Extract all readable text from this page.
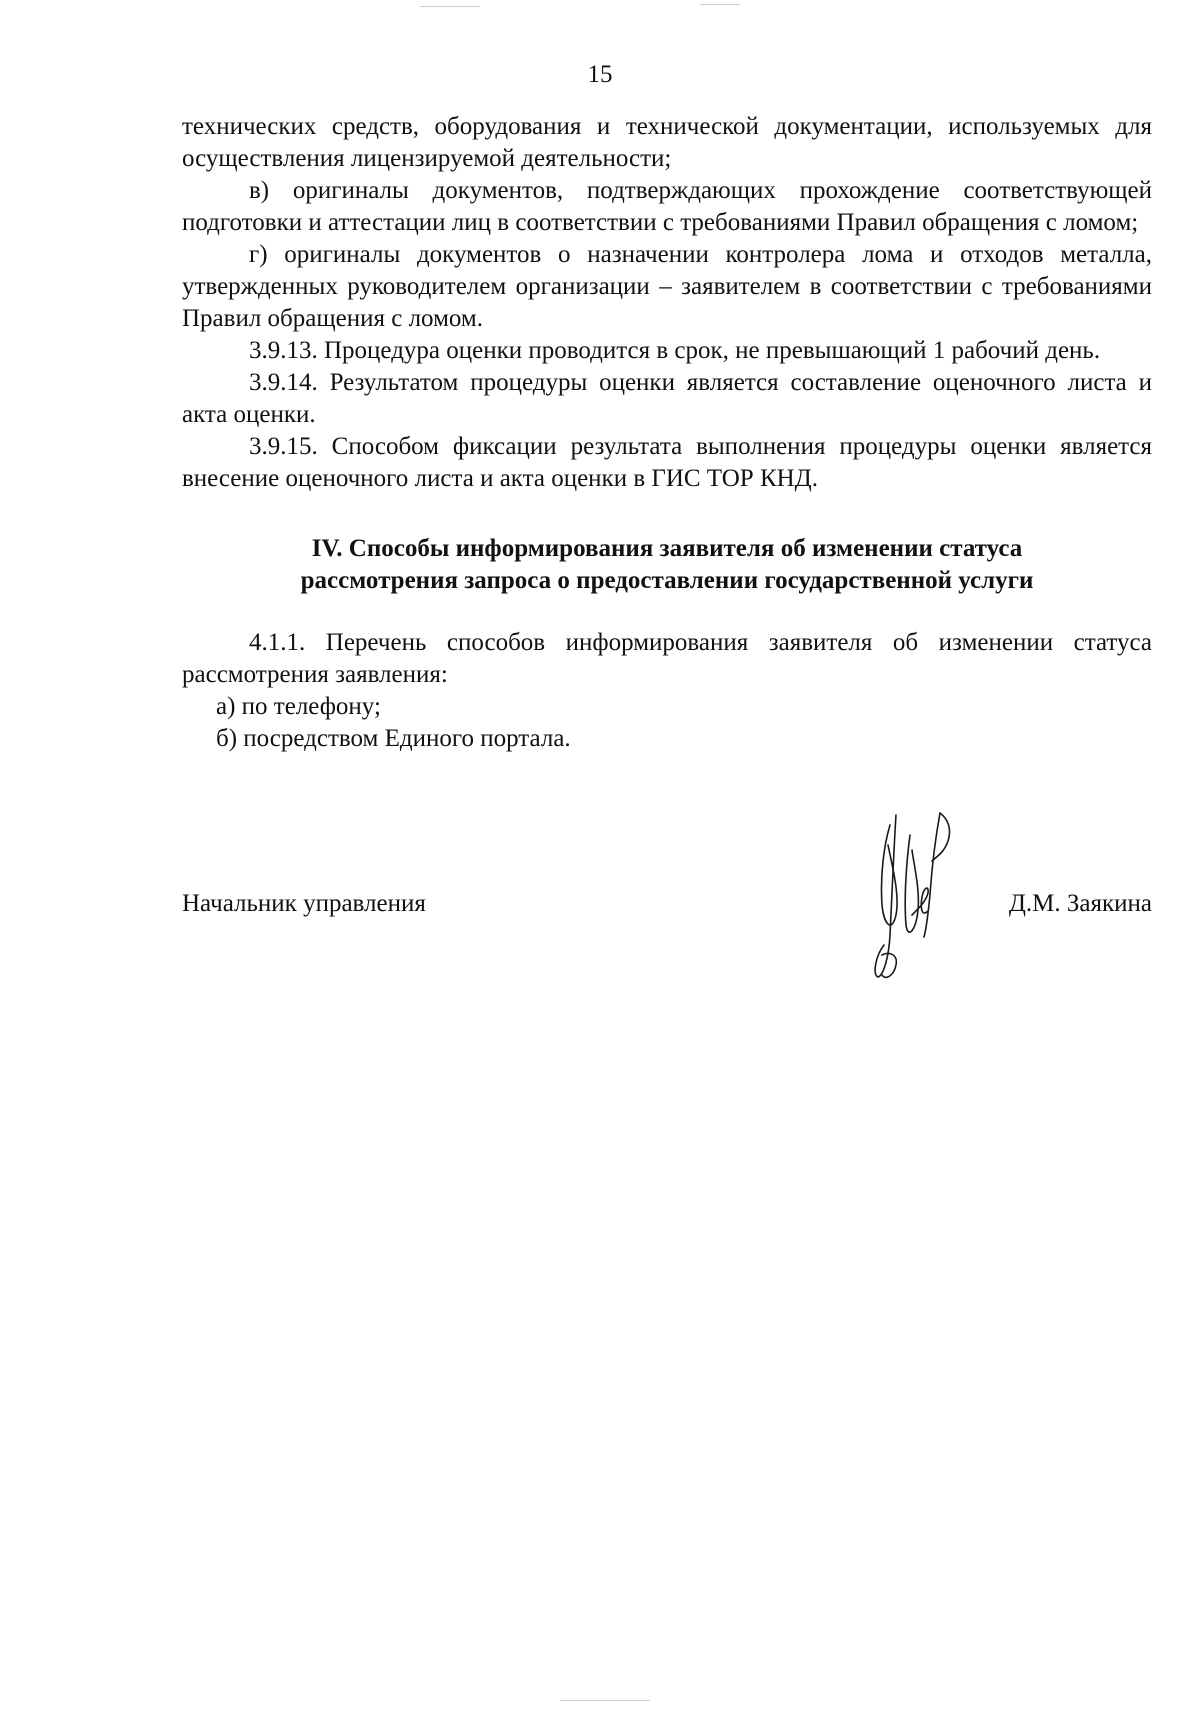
15

технических средств, оборудования и технической документации, используемых для осуществления лицензируемой деятельности;

в) оригиналы документов, подтверждающих прохождение соответствующей подготовки и аттестации лиц в соответствии с требованиями Правил обращения с ломом;

г) оригиналы документов о назначении контролера лома и отходов металла, утвержденных руководителем организации – заявителем в соответствии с требованиями Правил обращения с ломом.

3.9.13. Процедура оценки проводится в срок, не превышающий 1 рабочий день.

3.9.14. Результатом процедуры оценки является составление оценочного листа и акта оценки.

3.9.15. Способом фиксации результата выполнения процедуры оценки является внесение оценочного листа и акта оценки в ГИС ТОР КНД.

IV. Способы информирования заявителя об изменении статуса
рассмотрения запроса о предоставлении государственной услуги

4.1.1. Перечень способов информирования заявителя об изменении статуса рассмотрения заявления:

а) по телефону;

б) посредством Единого портала.

Начальник управления	Д.М. Заякина
